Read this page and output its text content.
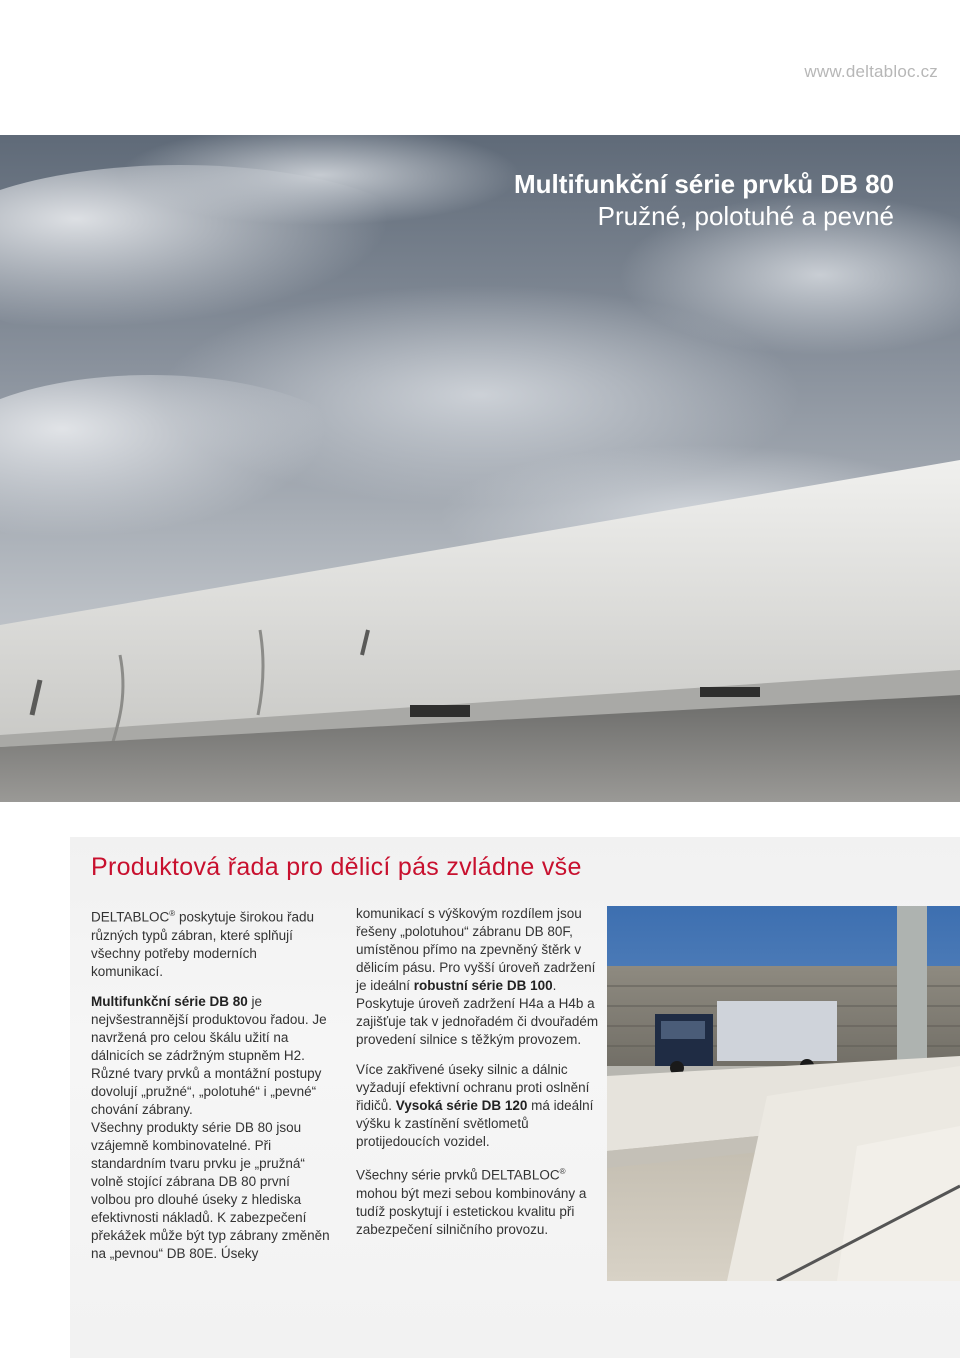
www.deltabloc.cz
Multifunkční série prvků DB 80
Pružné, polotuhé a pevné
Produktová řada pro dělicí pás zvládne vše

DELTABLOC® poskytuje širokou řadu různých typů zábran, které splňují všechny potřeby moderních komunikací.

Multifunkční série DB 80 je nejvšestrannější produktovou řadou. Je navržená pro celou škálu užití na dálnicích se zádržným stupněm H2. Různé tvary prvků a montážní postupy dovolují „pružné“, „polotuhé“ i „pevné“ chování zábrany.
Všechny produkty série DB 80 jsou vzájemně kombinovatelné. Při standardním tvaru prvku je „pružná“ volně stojící zábrana DB 80 první volbou pro dlouhé úseky z hlediska efektivnosti nákladů. K zabezpečení překážek může být typ zábrany změněn na „pevnou“ DB 80E. Úseky

komunikací s výškovým rozdílem jsou řešeny „polotuhou“ zábranu DB 80F, umístěnou přímo na zpevněný štěrk v dělicím pásu. Pro vyšší úroveň zadržení je ideální robustní série DB 100. Poskytuje úroveň zadržení H4a a H4b a zajišťuje tak v jednořadém či dvouřadém provedení silnice s těžkým provozem.

Více zakřivené úseky silnic a dálnic vyžadují efektivní ochranu proti oslnění řidičů. Vysoká série DB 120 má ideální výšku k zastínění světlometů protijedoucích vozidel.

Všechny série prvků DELTABLOC® mohou být mezi sebou kombinovány a tudíž poskytují i estetickou kvalitu při zabezpečení silničního provozu.
